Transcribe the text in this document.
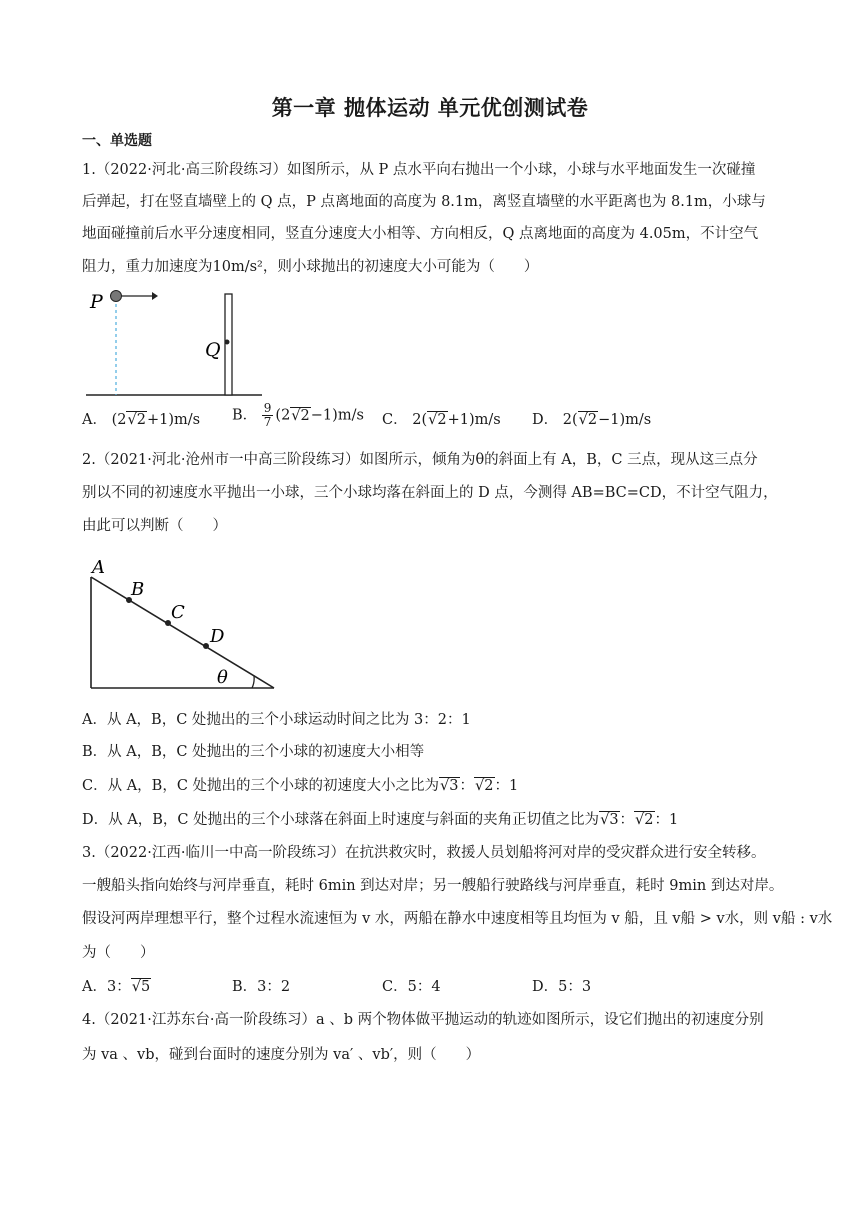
第一章 抛体运动 单元优创测试卷
一、单选题
1.（2022·河北·高三阶段练习）如图所示，从 P 点水平向右抛出一个小球，小球与水平地面发生一次碰撞
后弹起，打在竖直墙壁上的 Q 点，P 点离地面的高度为 8.1m，离竖直墙壁的水平距离也为 8.1m，小球与
地面碰撞前后水平分速度相同，竖直分速度大小相等、方向相反，Q 点离地面的高度为 4.05m，不计空气
阻力，重力加速度为10m/s²，则小球抛出的初速度大小可能为（　　）
P
Q
A． (2√2+1)m/s B． $\frac{9}{7} (2√2-1)m/s$ C． 2(√2+1)m/s D． 2(√2−1)m/s
2.（2021·河北·沧州市一中高三阶段练习）如图所示，倾角为θ的斜面上有 A，B，C 三点，现从这三点分
别以不同的初速度水平抛出一小球，三个小球均落在斜面上的 D 点，今测得 AB=BC=CD，不计空气阻力，
由此可以判断（　　）
A
B
C
D
θ
A．从 A，B，C 处抛出的三个小球运动时间之比为 3：2：1
B．从 A，B，C 处抛出的三个小球的初速度大小相等
C．从 A，B，C 处抛出的三个小球的初速度大小之比为√3：√2：1
D．从 A，B，C 处抛出的三个小球落在斜面上时速度与斜面的夹角正切值之比为√3：√2：1
3.（2022·江西·临川一中高一阶段练习）在抗洪救灾时，救援人员划船将河对岸的受灾群众进行安全转移。
一艘船头指向始终与河岸垂直，耗时 6min 到达对岸；另一艘船行驶路线与河岸垂直，耗时 9min 到达对岸。
假设河两岸理想平行，整个过程水流速恒为 v 水，两船在静水中速度相等且均恒为 v 船，且 v船 > v水，则 v船 : v水
为（　　）
A．3：√5	B．3：2	C．5：4	D．5：3
4.（2021·江苏东台·高一阶段练习）a 、b 两个物体做平抛运动的轨迹如图所示，设它们抛出的初速度分别
为 va 、vb，碰到台面时的速度分别为 va′ 、vb′，则（　　）
